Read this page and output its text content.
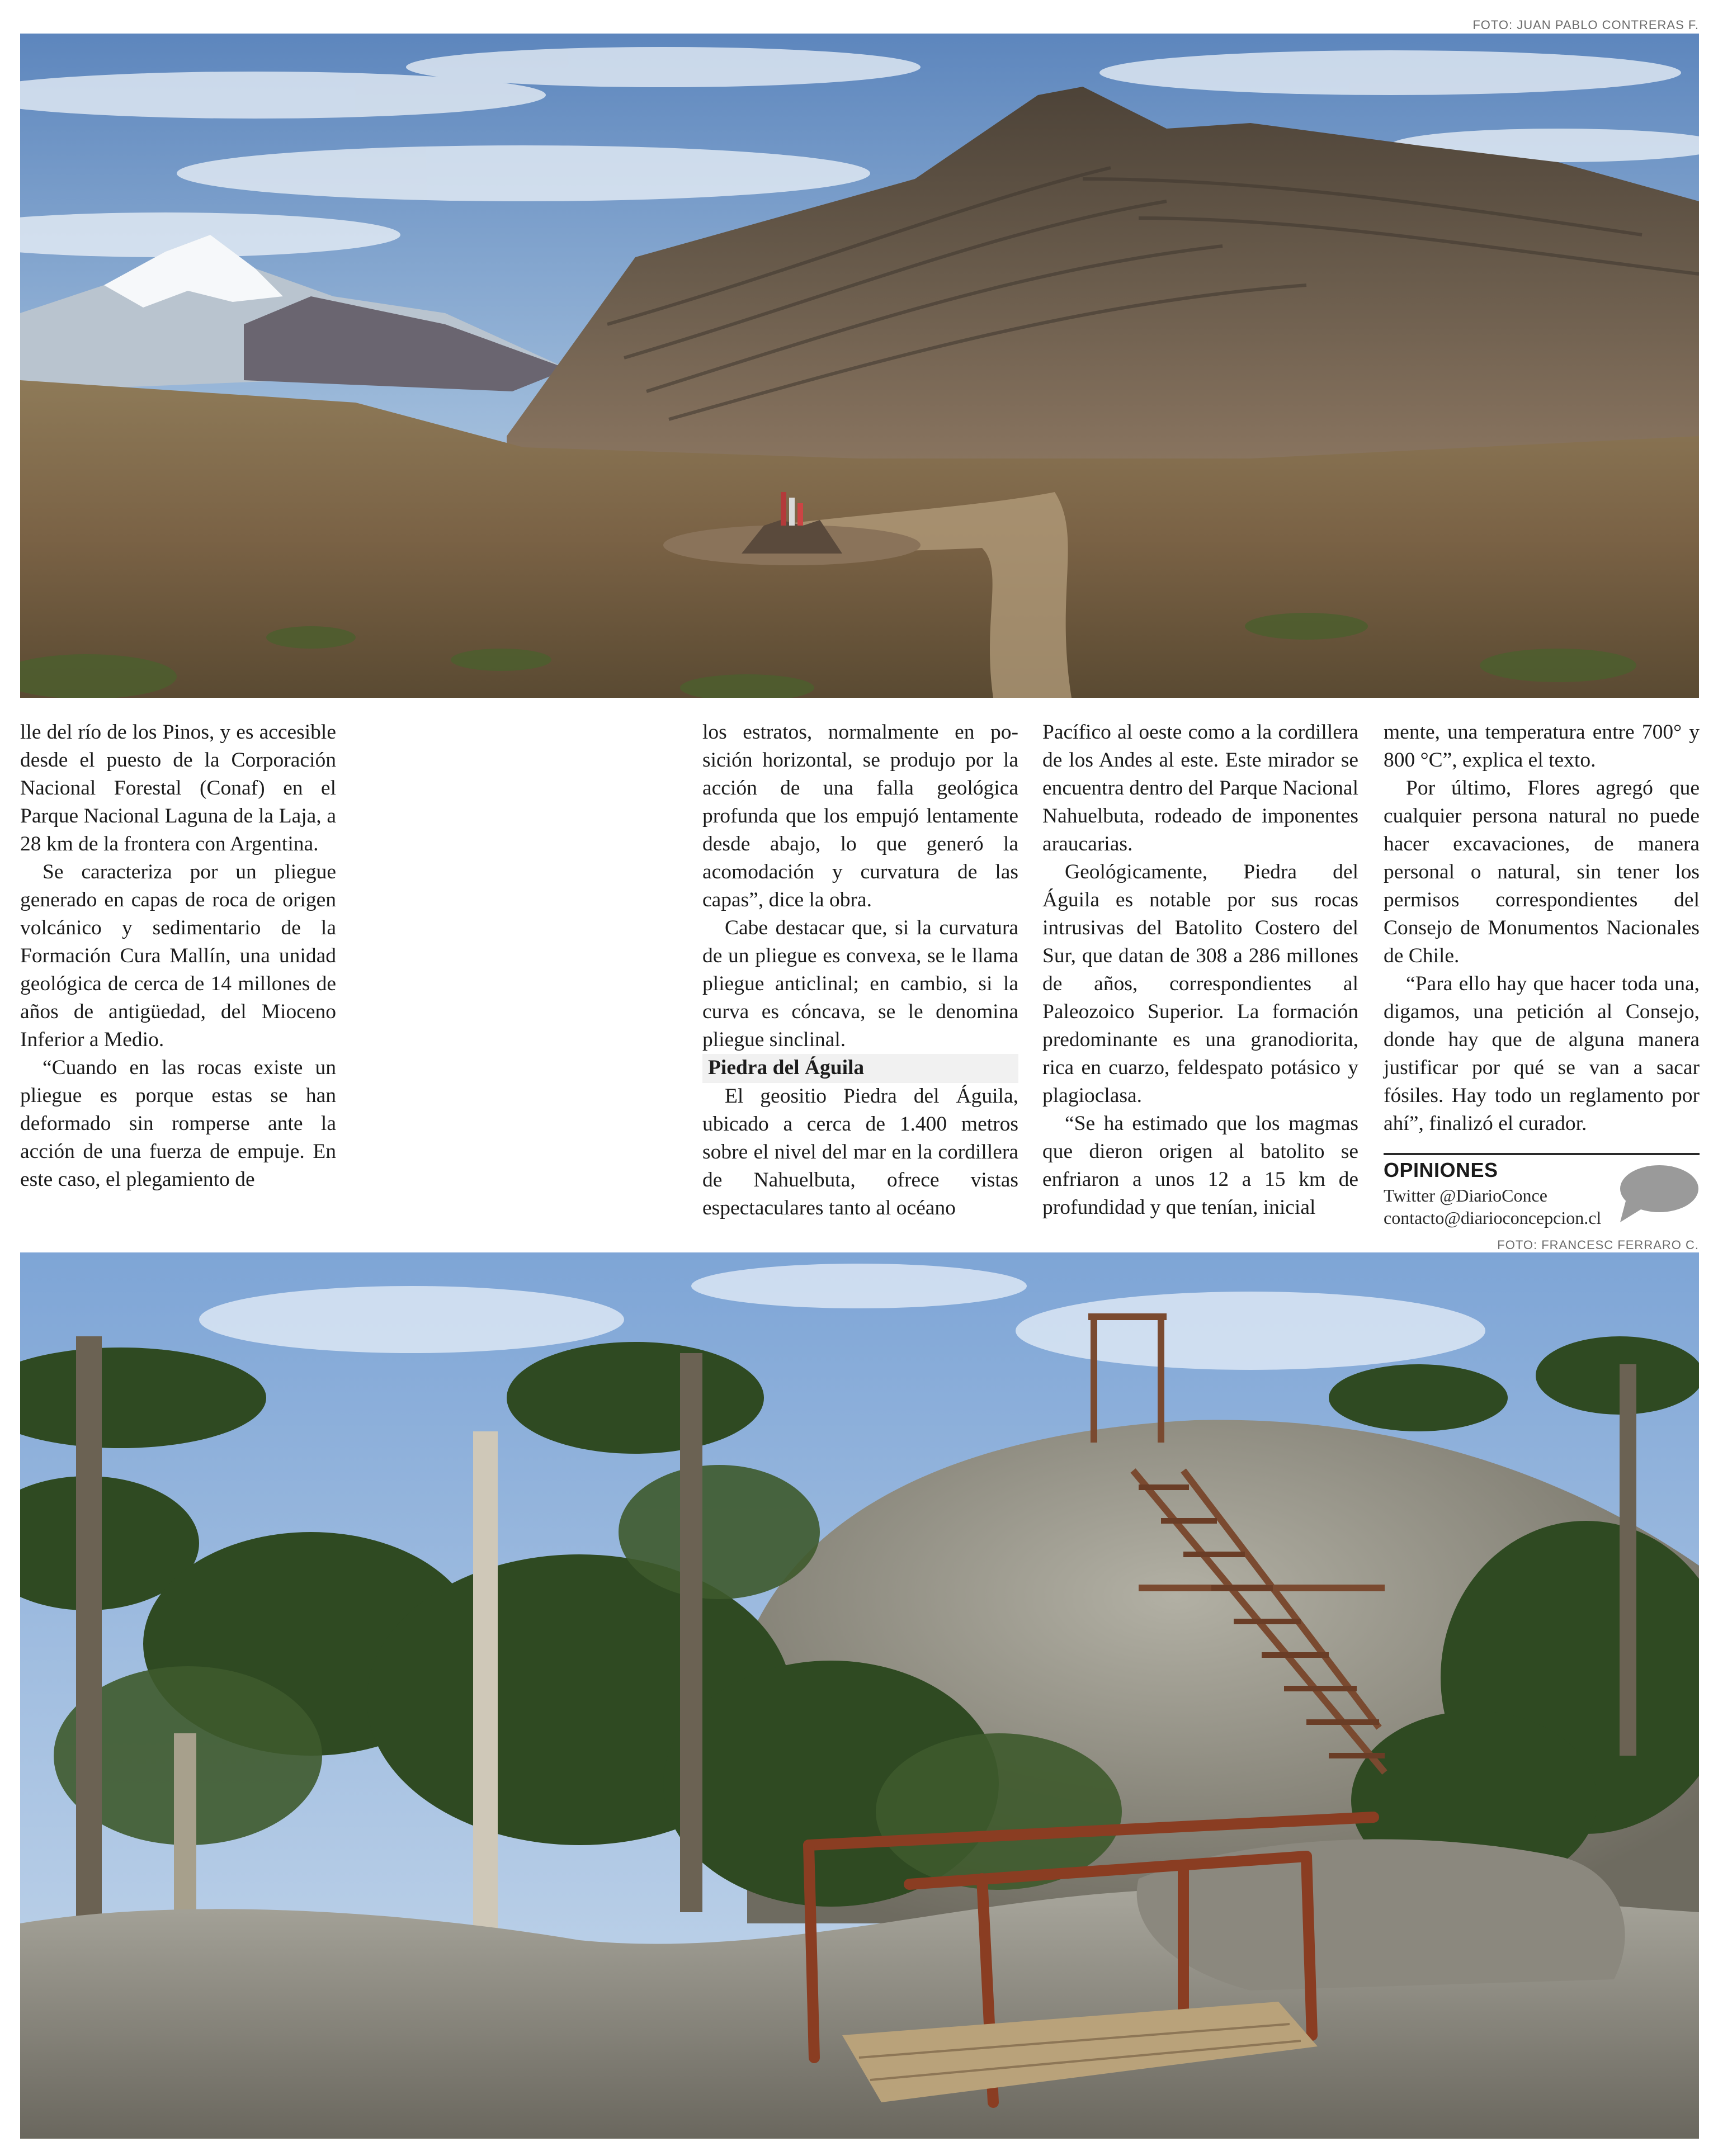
FOTO: JUAN PABLO CONTRERAS F.

lle del río de los Pinos, y es accesible desde el puesto de la Corporación Nacional Forestal (Conaf) en el Parque Nacional Laguna de la Laja, a 28 km de la frontera con Argentina.

Se caracteriza por un pliegue generado en capas de roca de origen volcánico y sedimentario de la Formación Cura Mallín, una unidad geológica de cerca de 14 millones de años de antigüedad, del Mioceno Inferior a Medio.

“Cuando en las rocas existe un pliegue es porque estas se han deformado sin romperse ante la acción de una fuerza de empuje. En este caso, el plegamiento de

los estratos, normalmente en posición horizontal, se produjo por la acción de una falla geológica profunda que los empujó lentamente desde abajo, lo que generó la acomodación y curvatura de las capas”, dice la obra.

Cabe destacar que, si la curvatura de un pliegue es convexa, se le llama pliegue anticlinal; en cambio, si la curva es cóncava, se le denomina pliegue sinclinal.

Piedra del Águila

El geositio Piedra del Águila, ubicado a cerca de 1.400 metros sobre el nivel del mar en la cordillera de Nahuelbuta, ofrece vistas espectaculares tanto al océano

Pacífico al oeste como a la cordillera de los Andes al este. Este mirador se encuentra dentro del Parque Nacional Nahuelbuta, rodeado de imponentes araucarias.

Geológicamente, Piedra del Águila es notable por sus rocas intrusivas del Batolito Costero del Sur, que datan de 308 a 286 millones de años, correspondientes al Paleozoico Superior. La formación predominante es una granodiorita, rica en cuarzo, feldespato potásico y plagioclasa.

“Se ha estimado que los magmas que dieron origen al batolito se enfriaron a unos 12 a 15 km de profundidad y que tenían, inicial

mente, una temperatura entre 700° y 800 °C”, explica el texto.

Por último, Flores agregó que cualquier persona natural no puede hacer excavaciones, de manera personal o natural, sin tener los permisos correspondientes del Consejo de Monumentos Nacionales de Chile.

“Para ello hay que hacer toda una, digamos, una petición al Consejo, donde hay que de alguna manera justificar por qué se van a sacar fósiles. Hay todo un reglamento por ahí”, finalizó el curador.

OPINIONES
Twitter @DiarioConce
contacto@diarioconcepcion.cl
FOTO: FRANCESC FERRARO C.
